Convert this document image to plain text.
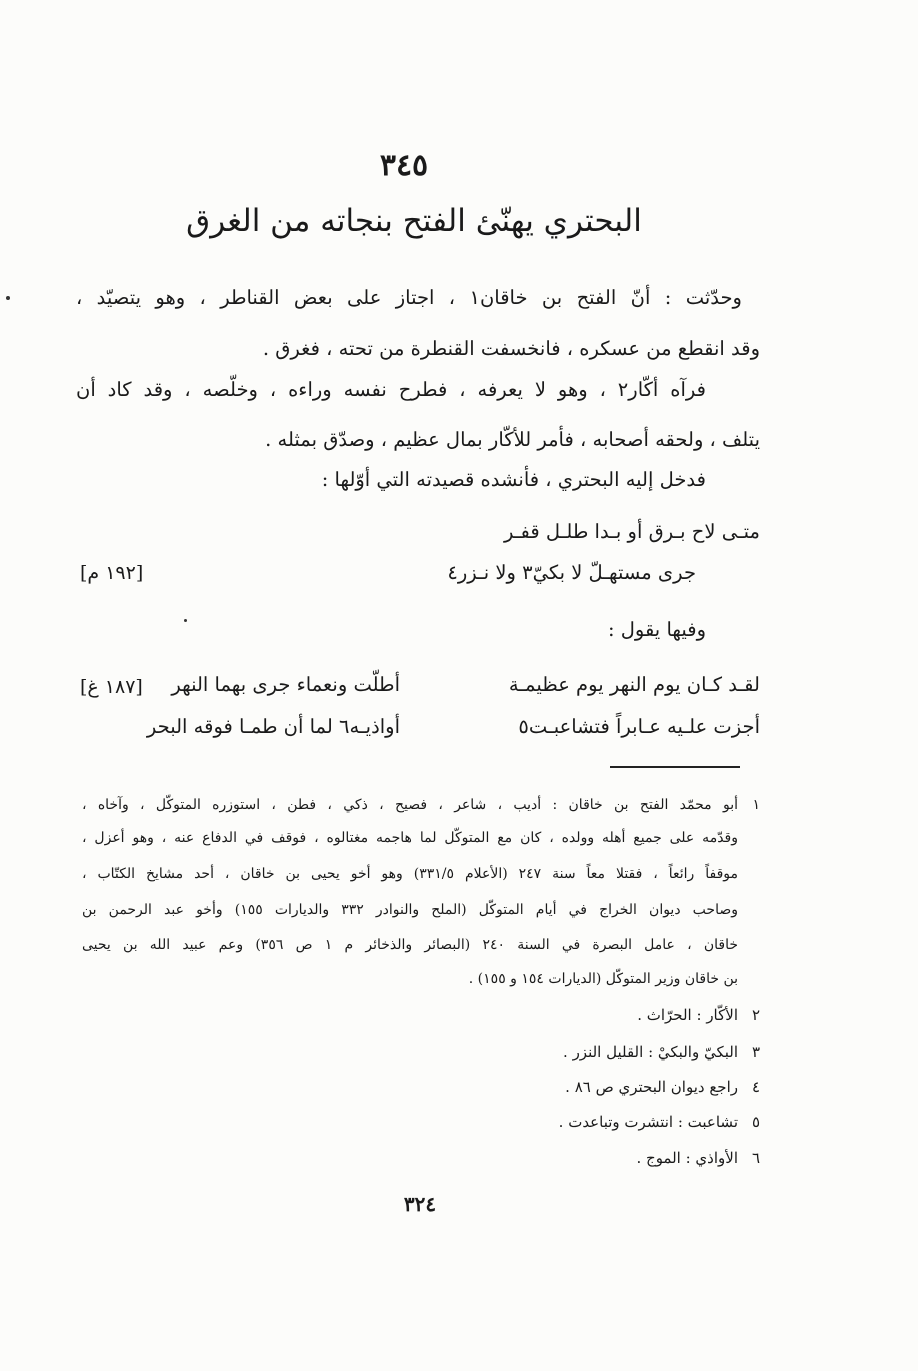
٣٤٥
البحتري يهنّئ الفتح بنجاته من الغرق
وحدّثت : أنّ الفتح بن خاقان١ ، اجتاز على بعض القناطر ، وهو يتصيّد ،
وقد انقطع من عسكره ، فانخسفت القنطرة من تحته ، فغرق .
فرآه أكّار٢ ، وهو لا يعرفه ، فطرح نفسه وراءه ، وخلّصه ، وقد كاد أن
يتلف ، ولحقه أصحابه ، فأمر للأكّار بمال عظيم ، وصدّق بمثله .
فدخل إليه البحتري ، فأنشده قصيدته التي أوّلها :
متـى لاح بـرق أو بـدا طلـل قفـر
جرى مستهـلّ لا بكيّ٣ ولا نـزر٤
[١٩٢ م]
وفيها يقول :
لقـد كـان يوم النهر يوم عظيمـة
أطلّت ونعماء جرى بهما النهر
[١٨٧ غ]
أجزت علـيه عـابراً فتشاعبـت٥
أواذيـه٦ لما أن طمـا فوقه البحر
١
أبو محمّد الفتح بن خاقان : أديب ، شاعر ، فصيح ، ذكي ، فطن ، استوزره المتوكّل ، وآخاه ،
وقدّمه على جميع أهله وولده ، كان مع المتوكّل لما هاجمه مغتالوه ، فوقف في الدفاع عنه ، وهو أعزل ،
موقفاً رائعاً ، فقتلا معاً سنة ٢٤٧ (الأعلام ٣٣١/٥) وهو أخو يحيى بن خاقان ، أحد مشايخ الكتّاب ،
وصاحب ديوان الخراج في أيام المتوكّل (الملح والنوادر ٣٣٢ والديارات ١٥٥) وأخو عبد الرحمن بن
خاقان ، عامل البصرة في السنة ٢٤٠ (البصائر والذخائر م ١ ص ٣٥٦) وعم عبيد الله بن يحيى
بن خاقان وزير المتوكّل (الديارات ١٥٤ و ١٥٥) .
٢
الأكّار : الحرّاث .
٣
البكيّ والبكيْ : القليل النزر .
٤
راجع ديوان البحتري ص ٨٦ .
٥
تشاعبت : انتشرت وتباعدت .
٦
الأواذي : الموج .
٣٢٤
